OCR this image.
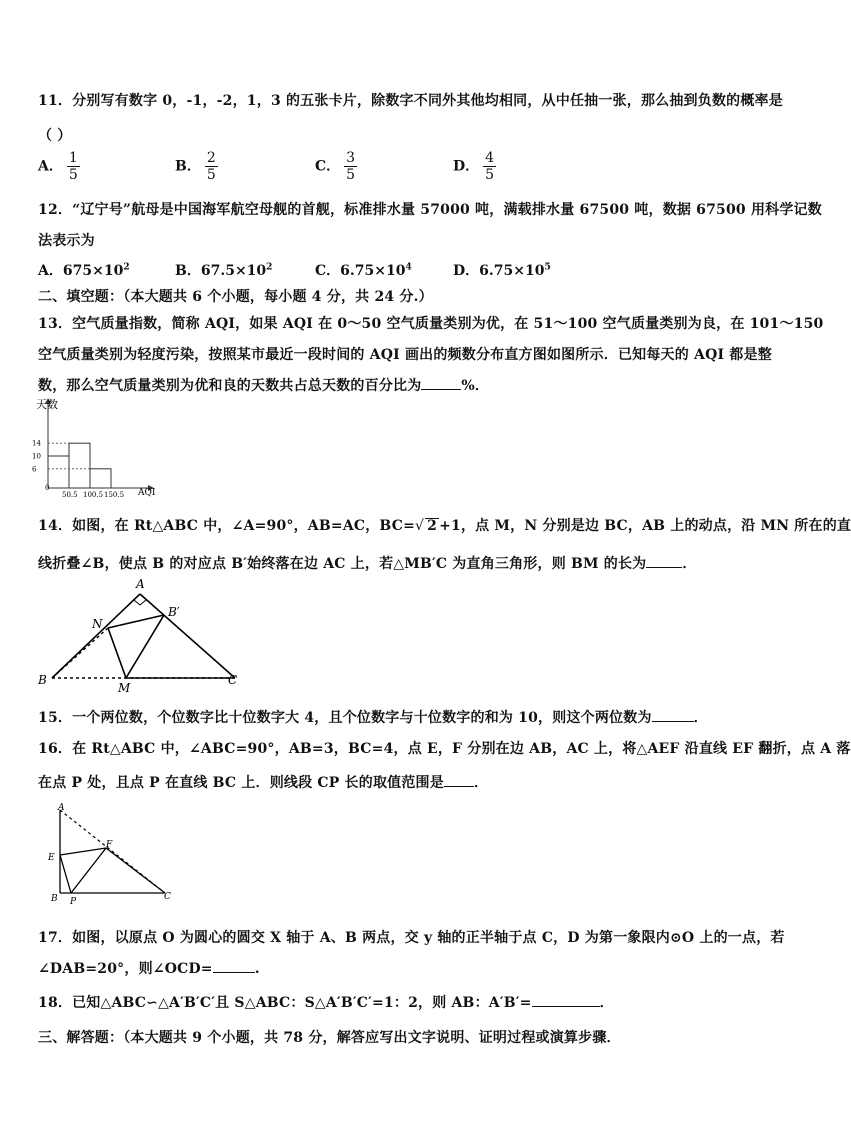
11．分别写有数字 0，-1，-2，1，3 的五张卡片，除数字不同外其他均相同，从中任抽一张，那么抽到负数的概率是
（ ）
A． $\frac{1}{5}$	B． $\frac{2}{5}$	C． $\frac{3}{5}$	D． $\frac{4}{5}$
12．“辽宁号”航母是中国海军航空母舰的首舰，标准排水量 57000 吨，满载排水量 67500 吨，数据 67500 用科学记数
法表示为
A．$675\times 10^2$	B．$67.5\times 10^2$	C．$6.75\times 10^4$	D．$6.75\times 10^5$
二、填空题：（本大题共 6 个小题，每小题 4 分，共 24 分.）
13．空气质量指数，简称 AQI，如果 AQI 在 0～50 空气质量类别为优，在 51～100 空气质量类别为良，在 101～150
空气质量类别为轻度污染，按照某市最近一段时间的 AQI 画出的频数分布直方图如图所示．已知每天的 AQI 都是整
数，那么空气质量类别为优和良的天数共占总天数的百分比为	%．
14
10
6
50.5 100.5 150.5
天数
AQI
0
14．如图，在 Rt△ABC 中，∠A=90°，AB=AC，BC=√ 2 +1，点 M，N 分别是边 BC，AB 上的动点，沿 MN 所在的直
线折叠∠B，使点 B 的对应点 B′始终落在边 AC 上，若△MB′C 为直角三角形，则 BM 的长为	．
A
B	C
N
M
B′
15．一个两位数，个位数字比十位数字大 4，且个位数字与十位数字的和为 10，则这个两位数为	．
16．在 Rt△ABC 中，∠ABC=90°，AB=3，BC=4，点 E，F 分别在边 AB，AC 上，将△AEF 沿直线 EF 翻折，点 A 落
在点 P 处，且点 P 在直线 BC 上．则线段 CP 长的取值范围是 ．
A
E
F
B P	C
17．如图，以原点 O 为圆心的圆交 X 轴于 A、B 两点，交 y 轴的正半轴于点 C，D 为第一象限内⊙O 上的一点，若
∠DAB=20°，则∠OCD=	.
18．已知△ABC∽△A′B′C′且 S△ABC：S△A′B′C′=1：2，则 AB：A′B′=	．
三、解答题：（本大题共 9 个小题，共 78 分，解答应写出文字说明、证明过程或演算步骤．
